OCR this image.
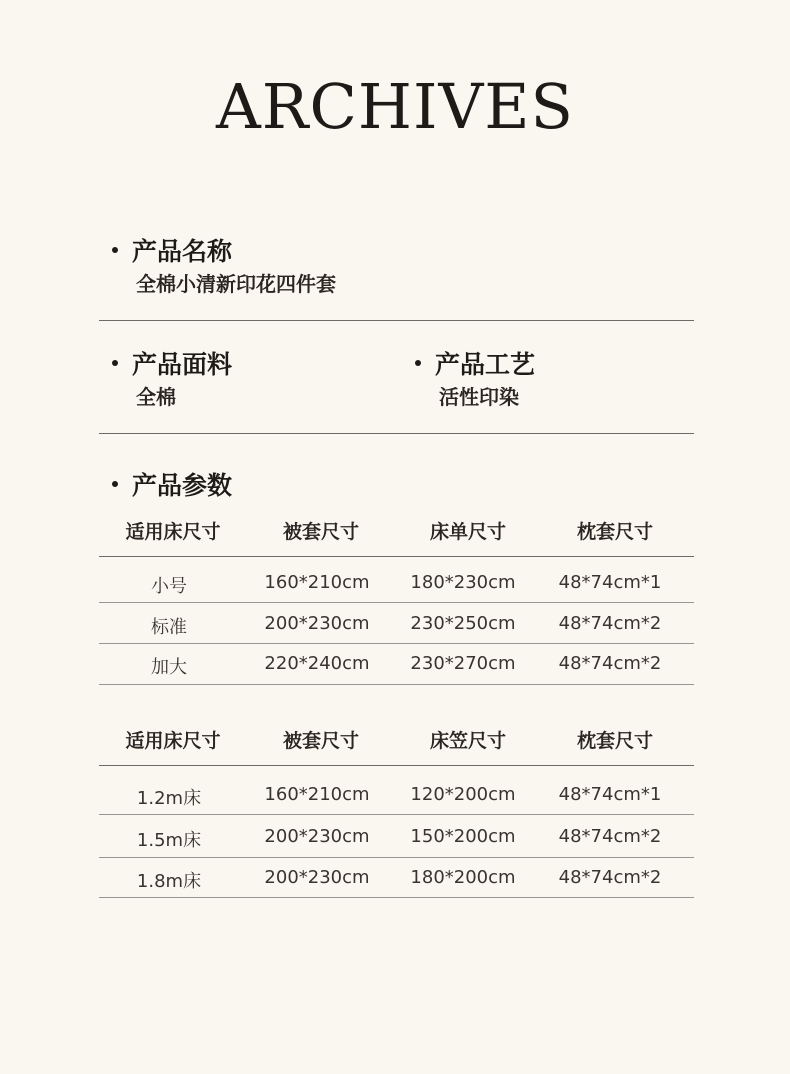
ARCHIVES
产品名称
全棉小清新印花四件套
产品面料
全棉
产品工艺
活性印染
产品参数
适用床尺寸	被套尺寸	床单尺寸	枕套尺寸
小号	160*210cm	180*230cm	48*74cm*1
标准	200*230cm	230*250cm	48*74cm*2
加大	220*240cm	230*270cm	48*74cm*2
适用床尺寸	被套尺寸	床笠尺寸	枕套尺寸
1.2m床	160*210cm	120*200cm	48*74cm*1
1.5m床	200*230cm	150*200cm	48*74cm*2
1.8m床	200*230cm	180*200cm	48*74cm*2
